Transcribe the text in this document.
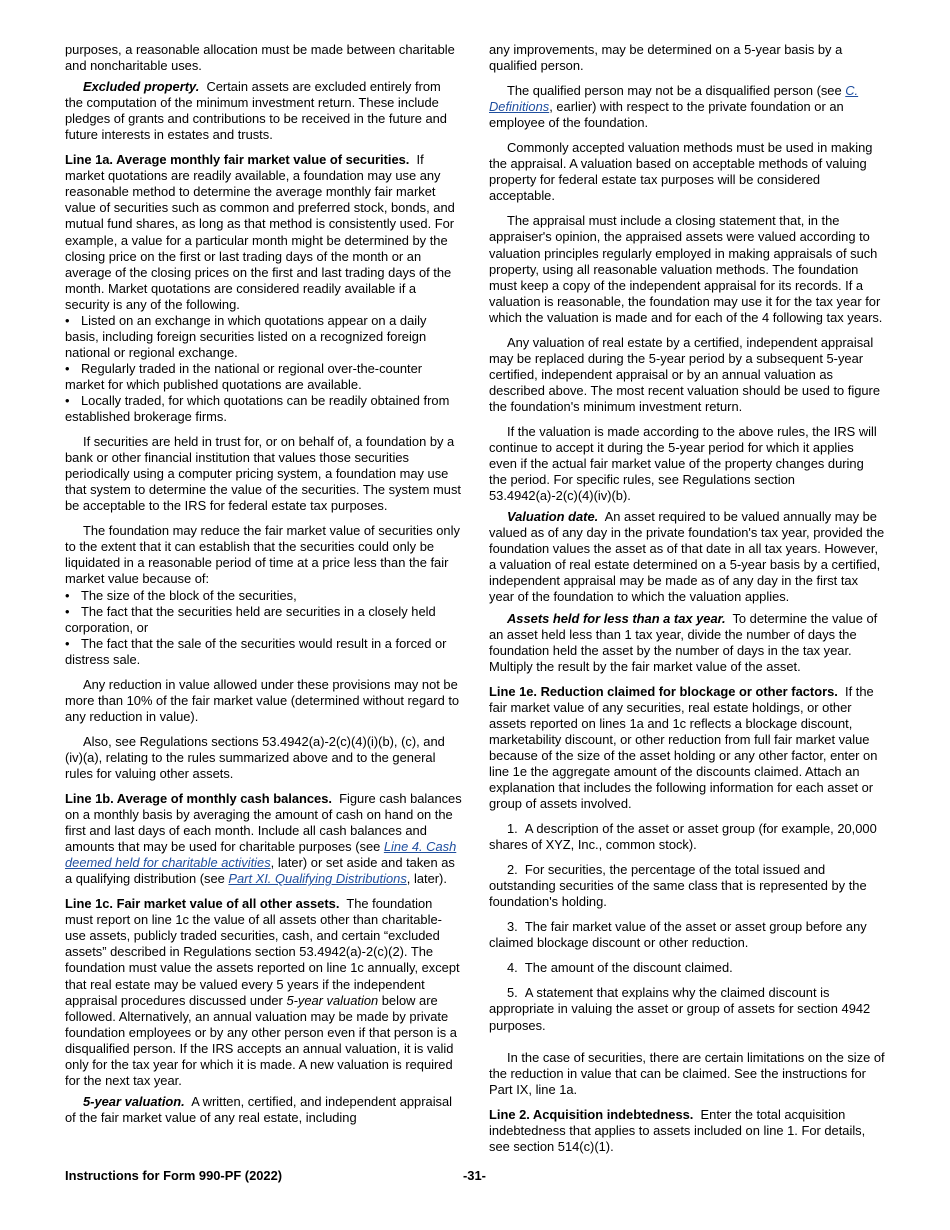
purposes, a reasonable allocation must be made between charitable and noncharitable uses.

Excluded property. Certain assets are excluded entirely from the computation of the minimum investment return. These include pledges of grants and contributions to be received in the future and future interests in estates and trusts.

Line 1a. Average monthly fair market value of securities. If market quotations are readily available, a foundation may use any reasonable method to determine the average monthly fair market value of securities such as common and preferred stock, bonds, and mutual fund shares, as long as that method is consistently used. For example, a value for a particular month might be determined by the closing price on the first or last trading days of the month or an average of the closing prices on the first and last trading days of the month. Market quotations are considered readily available if a security is any of the following.

• Listed on an exchange in which quotations appear on a daily basis, including foreign securities listed on a recognized foreign national or regional exchange.
• Regularly traded in the national or regional over-the-counter market for which published quotations are available.
• Locally traded, for which quotations can be readily obtained from established brokerage firms.

If securities are held in trust for, or on behalf of, a foundation by a bank or other financial institution that values those securities periodically using a computer pricing system, a foundation may use that system to determine the value of the securities. The system must be acceptable to the IRS for federal estate tax purposes.

The foundation may reduce the fair market value of securities only to the extent that it can establish that the securities could only be liquidated in a reasonable period of time at a price less than the fair market value because of:

• The size of the block of the securities,
• The fact that the securities held are securities in a closely held corporation, or
• The fact that the sale of the securities would result in a forced or distress sale.

Any reduction in value allowed under these provisions may not be more than 10% of the fair market value (determined without regard to any reduction in value).

Also, see Regulations sections 53.4942(a)-2(c)(4)(i)(b), (c), and (iv)(a), relating to the rules summarized above and to the general rules for valuing other assets.

Line 1b. Average of monthly cash balances. Figure cash balances on a monthly basis by averaging the amount of cash on hand on the first and last days of each month. Include all cash balances and amounts that may be used for charitable purposes (see Line 4. Cash deemed held for charitable activities, later) or set aside and taken as a qualifying distribution (see Part XI. Qualifying Distributions, later).

Line 1c. Fair market value of all other assets. The foundation must report on line 1c the value of all assets other than charitable-use assets, publicly traded securities, cash, and certain “excluded assets” described in Regulations section 53.4942(a)-2(c)(2). The foundation must value the assets reported on line 1c annually, except that real estate may be valued every 5 years if the independent appraisal procedures discussed under 5-year valuation below are followed. Alternatively, an annual valuation may be made by private foundation employees or by any other person even if that person is a disqualified person. If the IRS accepts an annual valuation, it is valid only for the tax year for which it is made. A new valuation is required for the next tax year.

5-year valuation. A written, certified, and independent appraisal of the fair market value of any real estate, including

any improvements, may be determined on a 5-year basis by a qualified person.

The qualified person may not be a disqualified person (see C. Definitions, earlier) with respect to the private foundation or an employee of the foundation.

Commonly accepted valuation methods must be used in making the appraisal. A valuation based on acceptable methods of valuing property for federal estate tax purposes will be considered acceptable.

The appraisal must include a closing statement that, in the appraiser's opinion, the appraised assets were valued according to valuation principles regularly employed in making appraisals of such property, using all reasonable valuation methods. The foundation must keep a copy of the independent appraisal for its records. If a valuation is reasonable, the foundation may use it for the tax year for which the valuation is made and for each of the 4 following tax years.

Any valuation of real estate by a certified, independent appraisal may be replaced during the 5-year period by a subsequent 5-year certified, independent appraisal or by an annual valuation as described above. The most recent valuation should be used to figure the foundation's minimum investment return.

If the valuation is made according to the above rules, the IRS will continue to accept it during the 5-year period for which it applies even if the actual fair market value of the property changes during the period. For specific rules, see Regulations section 53.4942(a)-2(c)(4)(iv)(b).

Valuation date. An asset required to be valued annually may be valued as of any day in the private foundation's tax year, provided the foundation values the asset as of that date in all tax years. However, a valuation of real estate determined on a 5-year basis by a certified, independent appraisal may be made as of any day in the first tax year of the foundation to which the valuation applies.

Assets held for less than a tax year. To determine the value of an asset held less than 1 tax year, divide the number of days the foundation held the asset by the number of days in the tax year. Multiply the result by the fair market value of the asset.

Line 1e. Reduction claimed for blockage or other factors. If the fair market value of any securities, real estate holdings, or other assets reported on lines 1a and 1c reflects a blockage discount, marketability discount, or other reduction from full fair market value because of the size of the asset holding or any other factor, enter on line 1e the aggregate amount of the discounts claimed. Attach an explanation that includes the following information for each asset or group of assets involved.

1.  A description of the asset or asset group (for example, 20,000 shares of XYZ, Inc., common stock).

2.  For securities, the percentage of the total issued and outstanding securities of the same class that is represented by the foundation's holding.

3.  The fair market value of the asset or asset group before any claimed blockage discount or other reduction.

4.  The amount of the discount claimed.

5.  A statement that explains why the claimed discount is appropriate in valuing the asset or group of assets for section 4942 purposes.

In the case of securities, there are certain limitations on the size of the reduction in value that can be claimed. See the instructions for Part IX, line 1a.

Line 2. Acquisition indebtedness. Enter the total acquisition indebtedness that applies to assets included on line 1. For details, see section 514(c)(1).

Instructions for Form 990-PF (2022)	-31-
